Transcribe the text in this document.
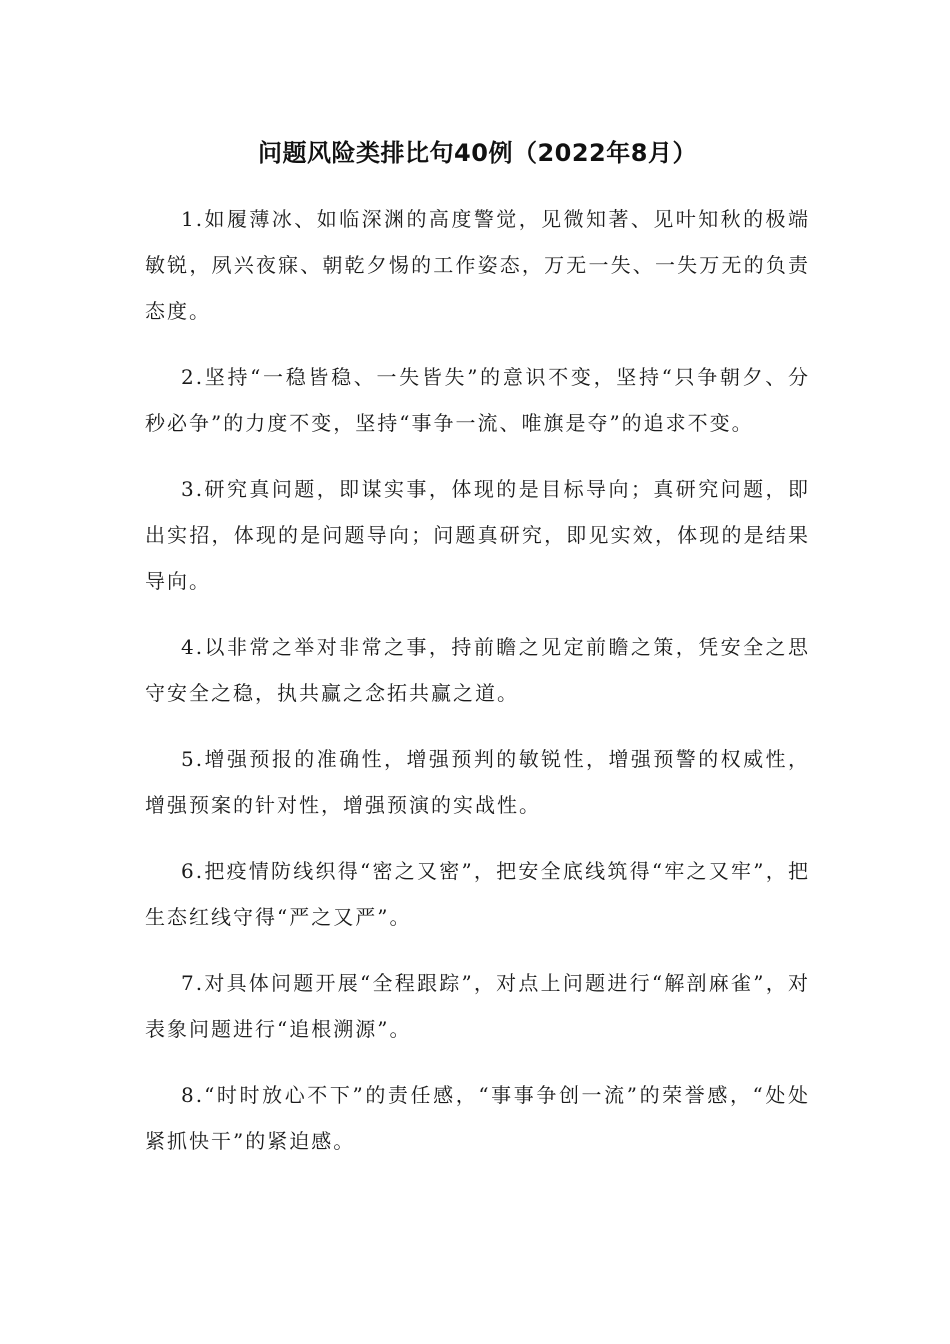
问题风险类排比句40例（2022年8月）

1.如履薄冰、如临深渊的高度警觉，见微知著、见叶知秋的极端敏锐，夙兴夜寐、朝乾夕惕的工作姿态，万无一失、一失万无的负责态度。

2.坚持“一稳皆稳、一失皆失”的意识不变，坚持“只争朝夕、分秒必争”的力度不变，坚持“事争一流、唯旗是夺”的追求不变。

3.研究真问题，即谋实事，体现的是目标导向；真研究问题，即出实招，体现的是问题导向；问题真研究，即见实效，体现的是结果导向。

4.以非常之举对非常之事，持前瞻之见定前瞻之策，凭安全之思守安全之稳，执共赢之念拓共赢之道。

5.增强预报的准确性，增强预判的敏锐性，增强预警的权威性，增强预案的针对性，增强预演的实战性。

6.把疫情防线织得“密之又密”，把安全底线筑得“牢之又牢”，把生态红线守得“严之又严”。

7.对具体问题开展“全程跟踪”，对点上问题进行“解剖麻雀”，对表象问题进行“追根溯源”。

8.“时时放心不下”的责任感，“事事争创一流”的荣誉感，“处处紧抓快干”的紧迫感。
